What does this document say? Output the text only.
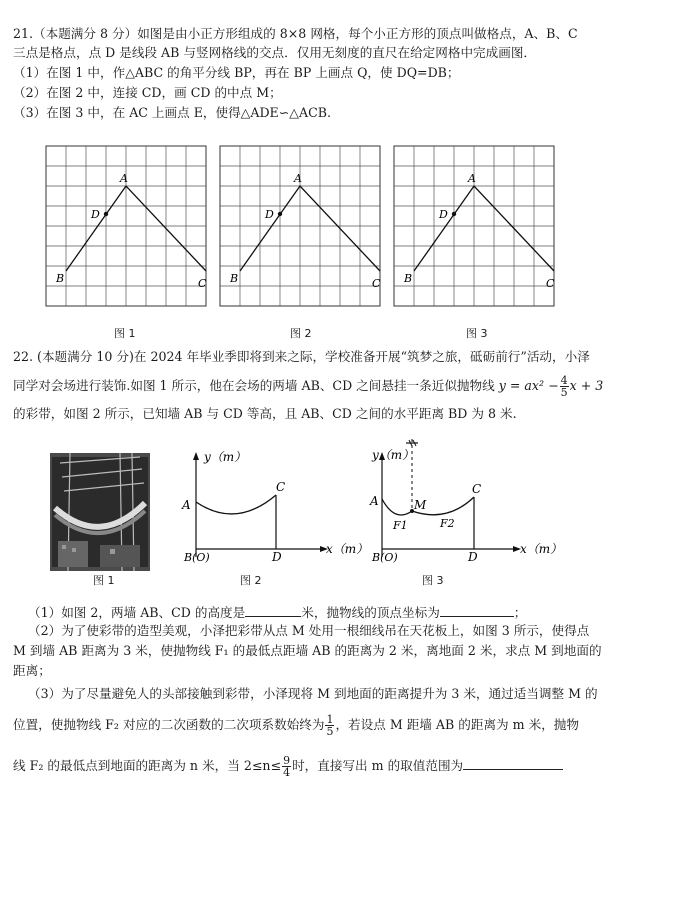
21.（本题满分 8 分）如图是由小正方形组成的 8×8 网格，每个小正方形的顶点叫做格点，A、B、C
三点是格点，点 D 是线段 AB 与竖网格线的交点．仅用无刻度的直尺在给定网格中完成画图．
（1）在图 1 中，作△ABC 的角平分线 BP，再在 BP 上画点 Q，使 DQ=DB；
（2）在图 2 中，连接 CD，画 CD 的中点 M；
（3）在图 3 中，在 AC 上画点 E，使得△ADE∽△ACB.
A
D
B	C
A
D
B	C
A
D
B	C
图 1	图 2	图 3
22. (本题满分 10 分)在 2024 年毕业季即将到来之际，学校准备开展“筑梦之旅，砥砺前行”活动，小泽
同学对会场进行装饰.如图 1 所示，他在会场的两墙 AB、CD 之间悬挂一条近似抛物线 $y = ax^2 - \frac{4}{5}$ x + 3
的彩带，如图 2 所示，已知墙 AB 与 CD 等高，且 AB、CD 之间的水平距离 BD 为 8 米.
y（m）
x（m）
A
C
B(O)	D
y（m）
x（m）
A
C
M
F1	F2
B(O)	D
图 1	图 2	图 3
（1）如图 2，两墙 AB、CD 的高度是	米，抛物线的顶点坐标为	；
（2）为了使彩带的造型美观，小泽把彩带从点 M 处用一根细线吊在天花板上，如图 3 所示，使得点
M 到墙 AB 距离为 3 米，使抛物线 F₁ 的最低点距墙 AB 的距离为 2 米，离地面 2 米，求点 M 到地面的
距离；
（3）为了尽量避免人的头部接触到彩带，小泽现将 M 到地面的距离提升为 3 米，通过适当调整 M 的
位置，使抛物线 F₂ 对应的二次函数的二次项系数始终为 $\frac{1}{5}$ ，若设点 M 距墙 AB 的距离为 m 米，抛物
线 F₂ 的最低点到地面的距离为 n 米，当 $2\le n\le \frac{9}{4}$ 时，直接写出 m 的取值范围为
